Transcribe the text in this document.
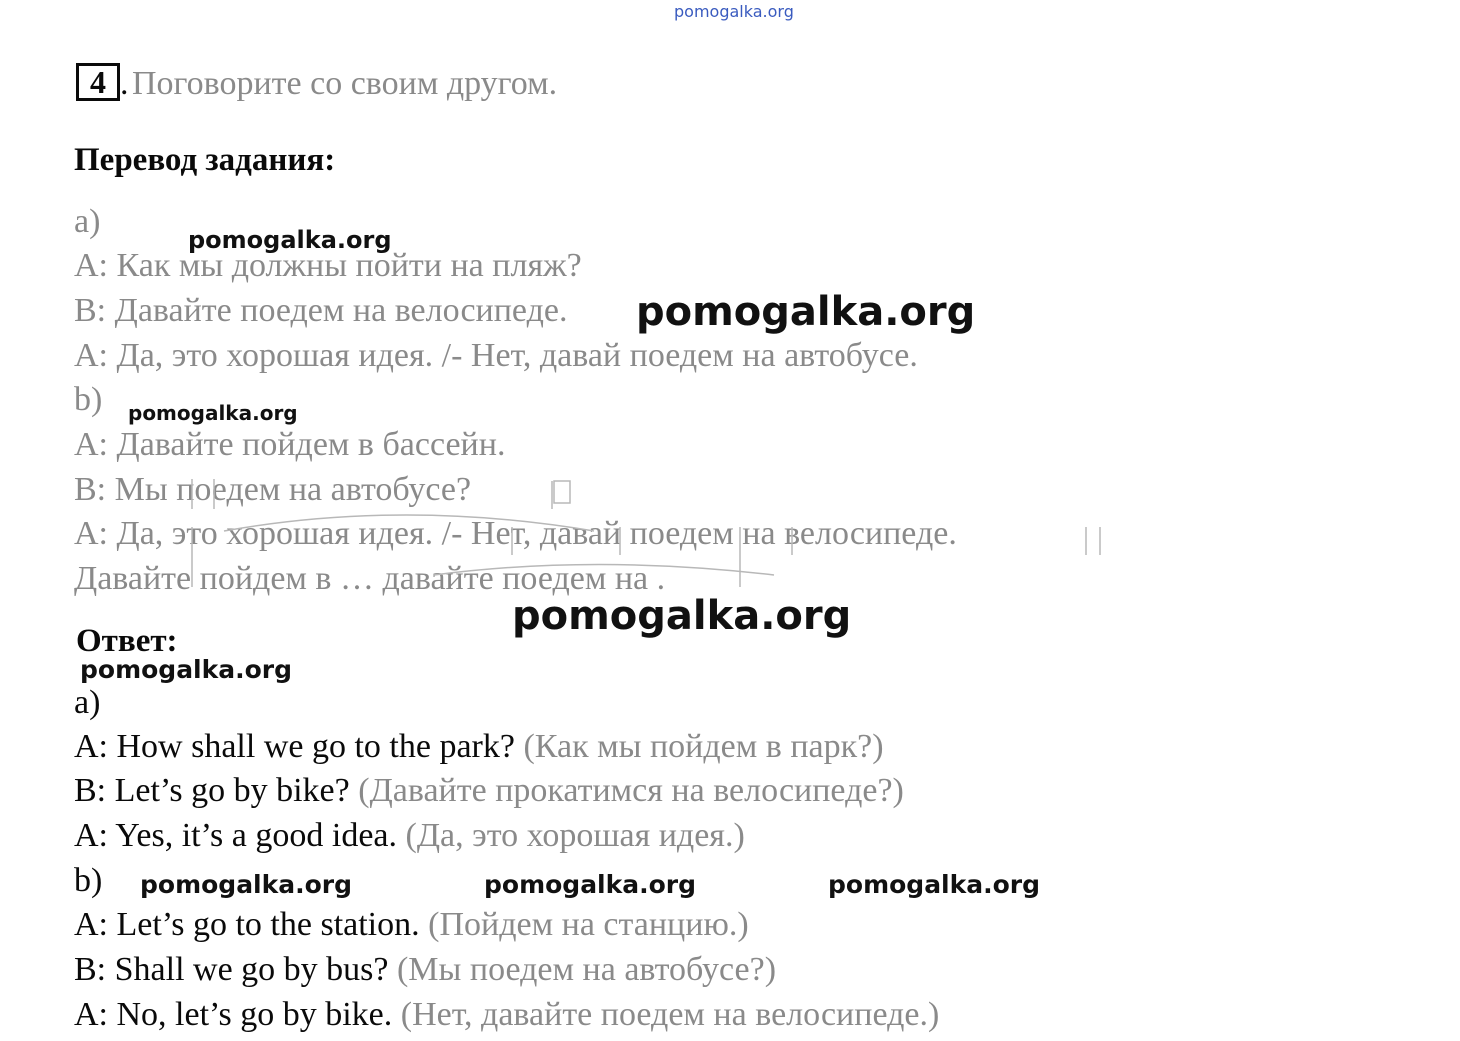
pomogalka.org
4 . Поговорите со своим другом.
Перевод задания:
a)
A: Как мы должны пойти на пляж?
B: Давайте поедем на велосипеде.
A: Да, это хорошая идея. /- Нет, давай поедем на автобусе.
b)
A: Давайте пойдем в бассейн.
B: Мы поедем на автобусе?
A: Да, это хорошая идея. /- Нет, давай поедем на велосипеде.
Давайте пойдем в … давайте поедем на .
pomogalka.org
pomogalka.org
pomogalka.org
pomogalka.org
pomogalka.org
pomogalka.org	pomogalka.org	pomogalka.org
Ответ:
a)
A: How shall we go to the park? (Как мы пойдем в парк?)
B: Let’s go by bike? (Давайте прокатимся на велосипеде?)
A: Yes, it’s a good idea. (Да, это хорошая идея.)
b)
A: Let’s go to the station. (Пойдем на станцию.)
B: Shall we go by bus? (Мы поедем на автобусе?)
A: No, let’s go by bike. (Нет, давайте поедем на велосипеде.)
